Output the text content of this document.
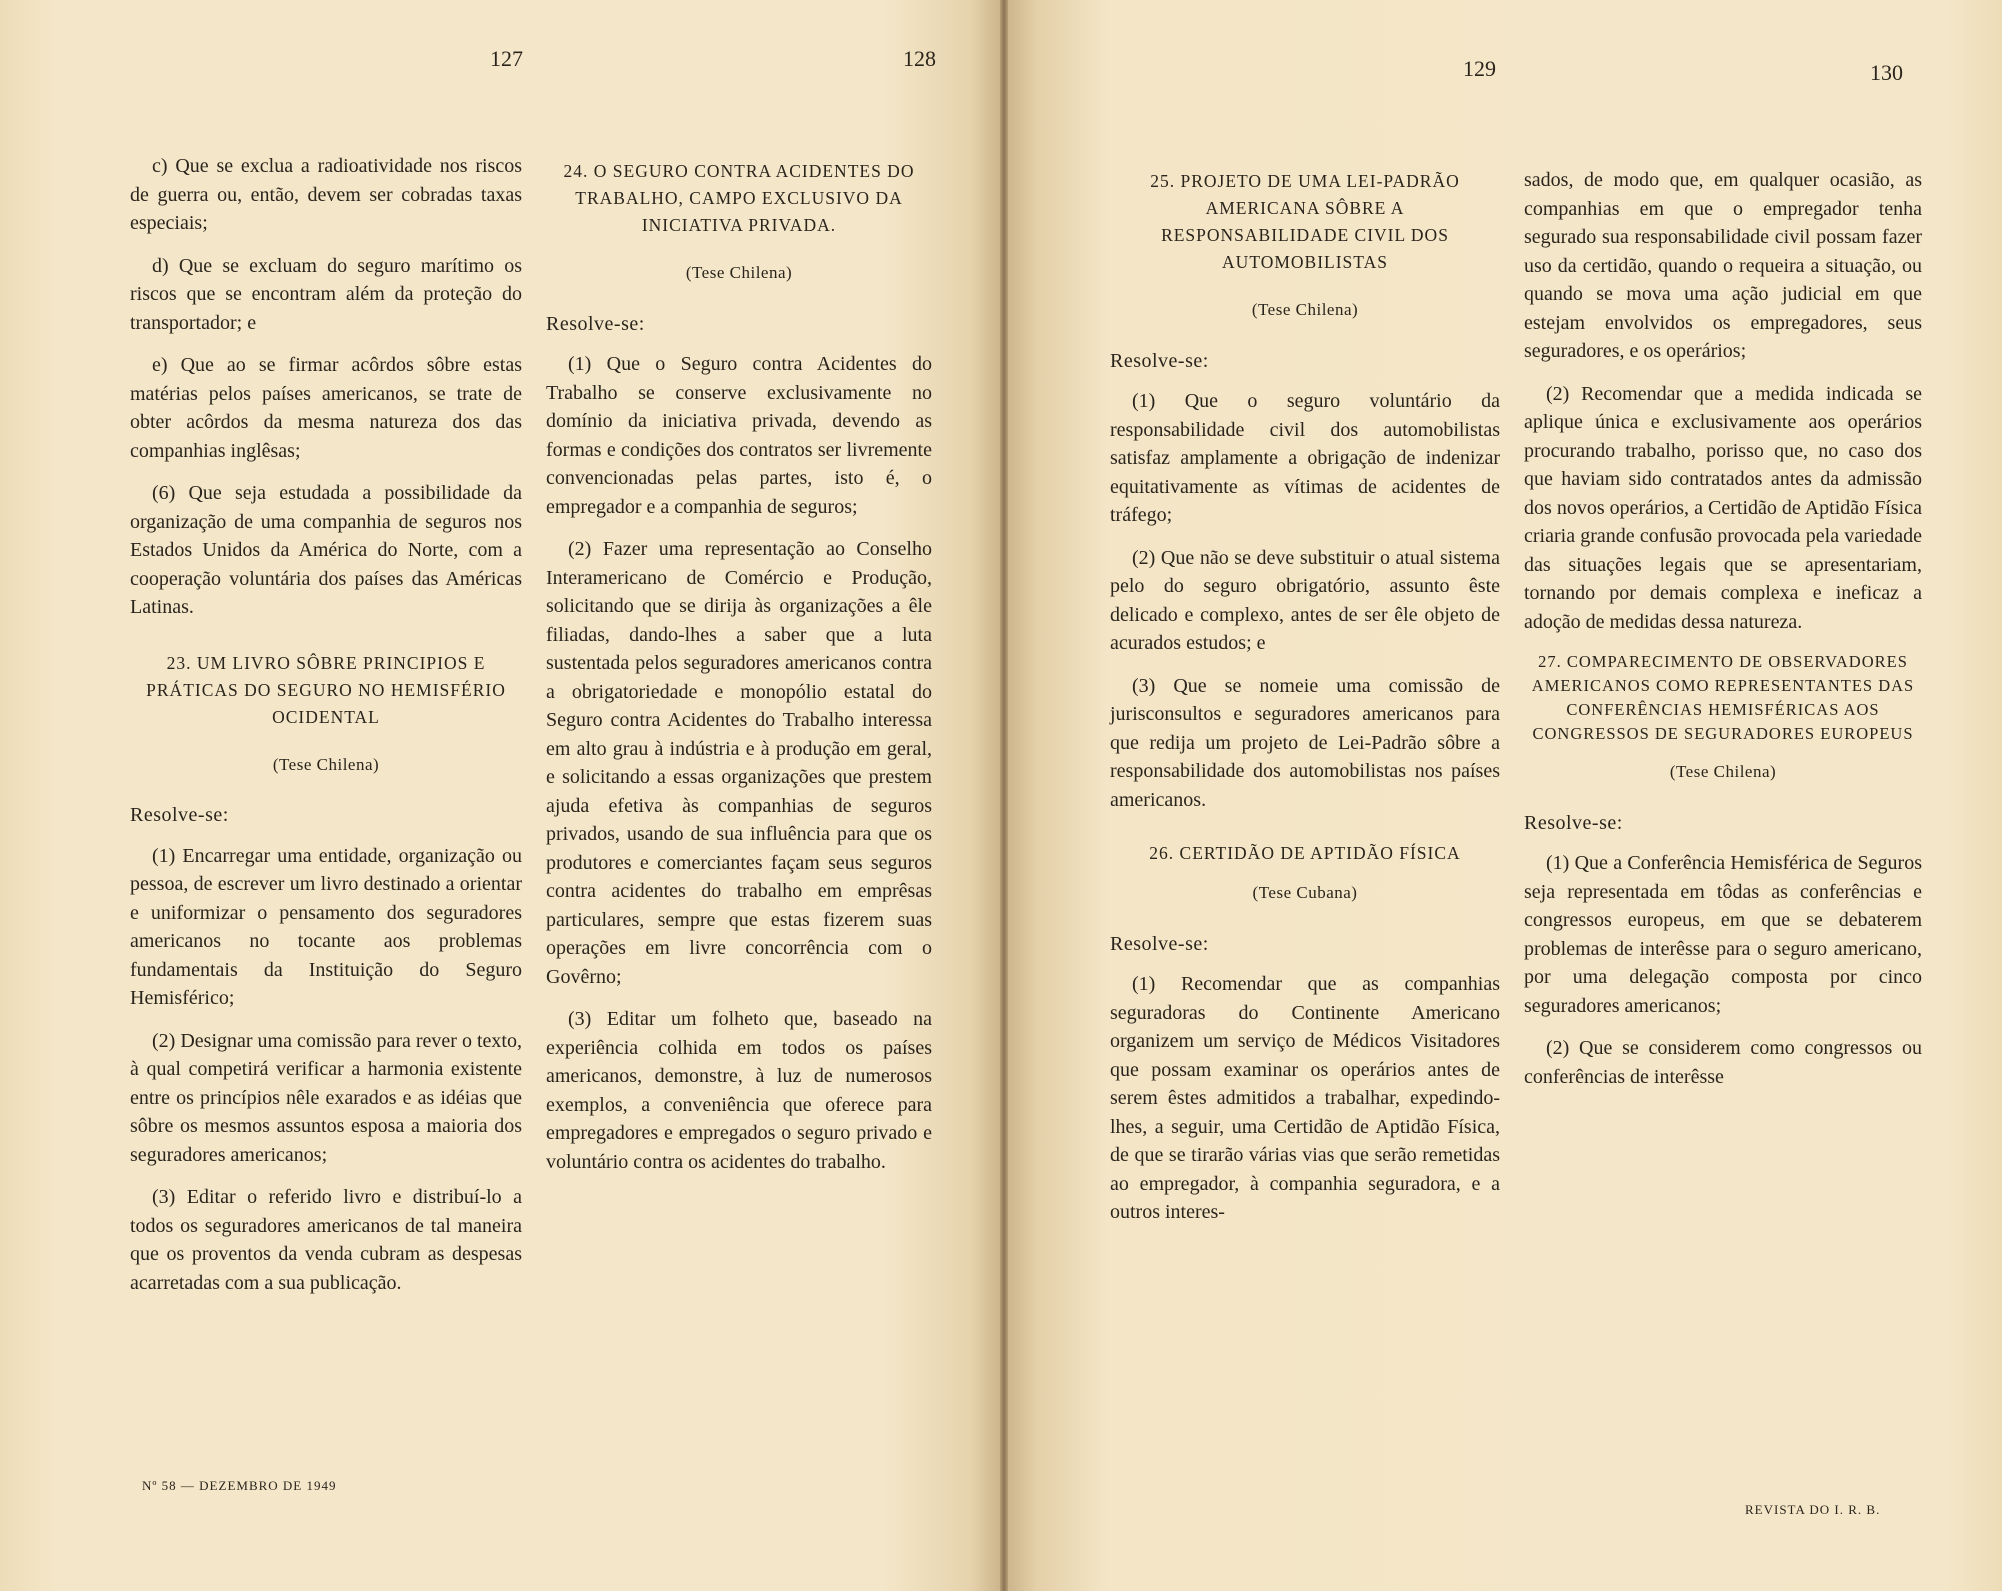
127	128

c) Que se exclua a radioatividade nos riscos de guerra ou, então, devem ser cobradas taxas especiais;

d) Que se excluam do seguro marítimo os riscos que se encontram além da proteção do transportador; e

e) Que ao se firmar acôrdos sôbre estas matérias pelos países americanos, se trate de obter acôrdos da mesma natureza dos das companhias inglêsas;

(6) Que seja estudada a possibilidade da organização de uma companhia de seguros nos Estados Unidos da América do Norte, com a cooperação voluntária dos países das Américas Latinas.

23. UM LIVRO SÔBRE PRINCIPIOS E PRÁTICAS DO SEGURO NO HEMISFÉRIO OCIDENTAL
(Tese Chilena)
Resolve-se:

(1) Encarregar uma entidade, organização ou pessoa, de escrever um livro destinado a orientar e uniformizar o pensamento dos seguradores americanos no tocante aos problemas fundamentais da Instituição do Seguro Hemisférico;

(2) Designar uma comissão para rever o texto, à qual competirá verificar a harmonia existente entre os princípios nêle exarados e as idéias que sôbre os mesmos assuntos esposa a maioria dos seguradores americanos;

(3) Editar o referido livro e distribuí-lo a todos os seguradores americanos de tal maneira que os proventos da venda cubram as despesas acarretadas com a sua publicação.

24. O SEGURO CONTRA ACIDENTES DO TRABALHO, CAMPO EXCLUSIVO DA INICIATIVA PRIVADA.
(Tese Chilena)
Resolve-se:

(1) Que o Seguro contra Acidentes do Trabalho se conserve exclusivamente no domínio da iniciativa privada, devendo as formas e condições dos contratos ser livremente convencionadas pelas partes, isto é, o empregador e a companhia de seguros;

(2) Fazer uma representação ao Conselho Interamericano de Comércio e Produção, solicitando que se dirija às organizações a êle filiadas, dando-lhes a saber que a luta sustentada pelos seguradores americanos contra a obrigatoriedade e monopólio estatal do Seguro contra Acidentes do Trabalho interessa em alto grau à indústria e à produção em geral, e solicitando a essas organizações que prestem ajuda efetiva às companhias de seguros privados, usando de sua influência para que os produtores e comerciantes façam seus seguros contra acidentes do trabalho em emprêsas particulares, sempre que estas fizerem suas operações em livre concorrência com o Govêrno;

(3) Editar um folheto que, baseado na experiência colhida em todos os países americanos, demonstre, à luz de numerosos exemplos, a conveniência que oferece para empregadores e empregados o seguro privado e voluntário contra os acidentes do trabalho.

Nº 58 — DEZEMBRO DE 1949
129	130
25. PROJETO DE UMA LEI-PADRÃO AMERICANA SÔBRE A RESPONSABILIDADE CIVIL DOS AUTOMOBILISTAS
(Tese Chilena)
Resolve-se:

(1) Que o seguro voluntário da responsabilidade civil dos automobilistas satisfaz amplamente a obrigação de indenizar equitativamente as vítimas de acidentes de tráfego;

(2) Que não se deve substituir o atual sistema pelo do seguro obrigatório, assunto êste delicado e complexo, antes de ser êle objeto de acurados estudos; e

(3) Que se nomeie uma comissão de jurisconsultos e seguradores americanos para que redija um projeto de Lei-Padrão sôbre a responsabilidade dos automobilistas nos países americanos.

26. CERTIDÃO DE APTIDÃO FÍSICA
(Tese Cubana)
Resolve-se:

(1) Recomendar que as companhias seguradoras do Continente Americano organizem um serviço de Médicos Visitadores que possam examinar os operários antes de serem êstes admitidos a trabalhar, expedindo-lhes, a seguir, uma Certidão de Aptidão Física, de que se tirarão várias vias que serão remetidas ao empregador, à companhia seguradora, e a outros interes-

sados, de modo que, em qualquer ocasião, as companhias em que o empregador tenha segurado sua responsabilidade civil possam fazer uso da certidão, quando o requeira a situação, ou quando se mova uma ação judicial em que estejam envolvidos os empregadores, seus seguradores, e os operários;

(2) Recomendar que a medida indicada se aplique única e exclusivamente aos operários procurando trabalho, porisso que, no caso dos que haviam sido contratados antes da admissão dos novos operários, a Certidão de Aptidão Física criaria grande confusão provocada pela variedade das situações legais que se apresentariam, tornando por demais complexa e ineficaz a adoção de medidas dessa natureza.

27. COMPARECIMENTO DE OBSERVADORES AMERICANOS COMO REPRESENTANTES DAS CONFERÊNCIAS HEMISFÉRICAS AOS CONGRESSOS DE SEGURADORES EUROPEUS
(Tese Chilena)
Resolve-se:

(1) Que a Conferência Hemisférica de Seguros seja representada em tôdas as conferências e congressos europeus, em que se debaterem problemas de interêsse para o seguro americano, por uma delegação composta por cinco seguradores americanos;

(2) Que se considerem como congressos ou conferências de interêsse

REVISTA DO I. R. B.
